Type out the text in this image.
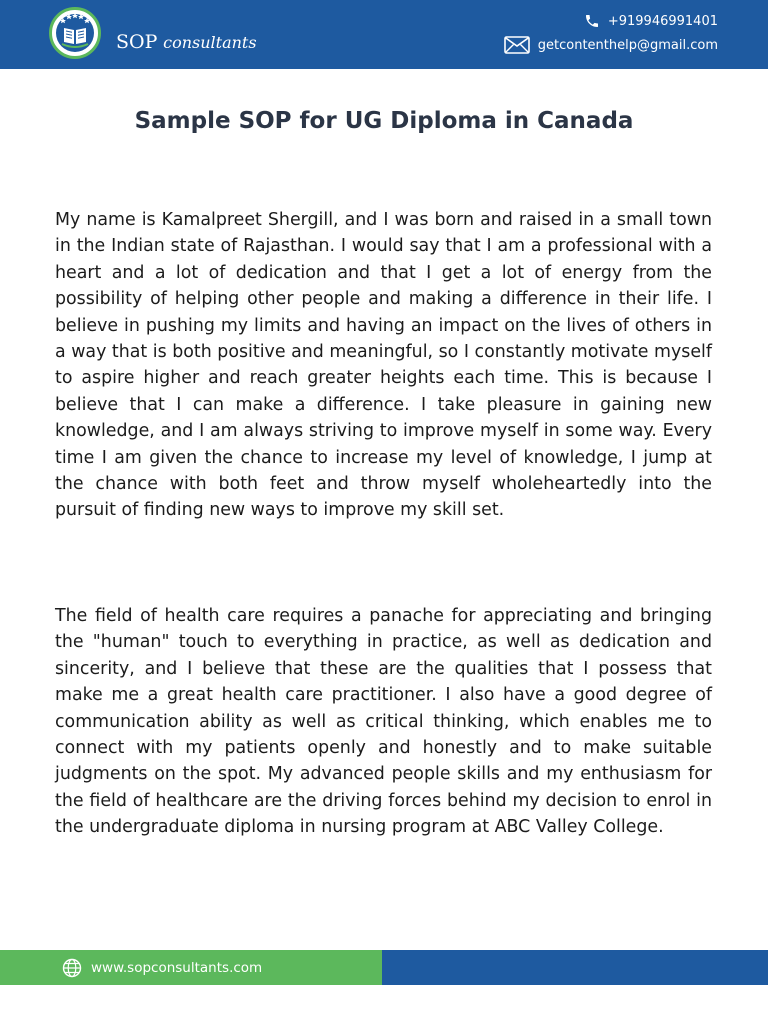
SOP consultants
+919946991401
getcontenthelp@gmail.com
Sample SOP for UG Diploma in Canada

My name is Kamalpreet Shergill, and I was born and raised in a small town in the Indian state of Rajasthan. I would say that I am a professional with a heart and a lot of dedication and that I get a lot of energy from the possibility of helping other people and making a difference in their life. I believe in pushing my limits and having an impact on the lives of others in a way that is both positive and meaningful, so I constantly motivate myself to aspire higher and reach greater heights each time. This is because I believe that I can make a difference. I take pleasure in gaining new knowledge, and I am always striving to improve myself in some way. Every time I am given the chance to increase my level of knowledge, I jump at the chance with both feet and throw myself wholeheartedly into the pursuit of finding new ways to improve my skill set.

The field of health care requires a panache for appreciating and bringing the "human" touch to everything in practice, as well as dedication and sincerity, and I believe that these are the qualities that I possess that make me a great health care practitioner. I also have a good degree of communication ability as well as critical thinking, which enables me to connect with my patients openly and honestly and to make suitable judgments on the spot. My advanced people skills and my enthusiasm for the field of healthcare are the driving forces behind my decision to enrol in the undergraduate diploma in nursing program at ABC Valley College.

www.sopconsultants.com
